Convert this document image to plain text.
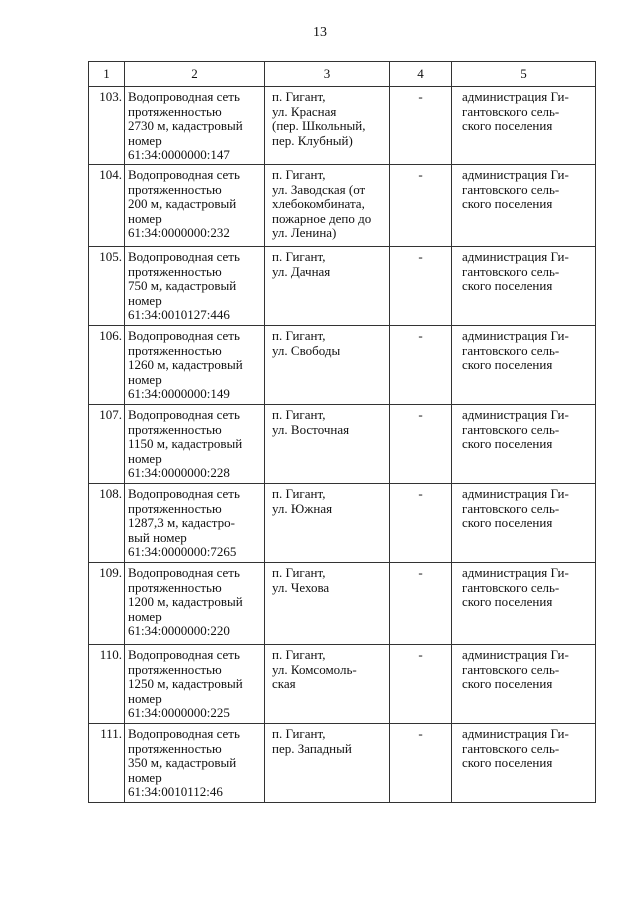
13
1	2	3	4	5
103.	Водопроводная сеть
протяженностью
2730 м, кадастровый
номер
61:34:0000000:147	п. Гигант,
ул. Красная
(пер. Школьный,
пер. Клубный)	-	администрация Ги-
гантовского сель-
ского поселения
104.	Водопроводная сеть
протяженностью
200 м, кадастровый
номер
61:34:0000000:232	п. Гигант,
ул. Заводская (от
хлебокомбината,
пожарное депо до
ул. Ленина)	-	администрация Ги-
гантовского сель-
ского поселения
105.	Водопроводная сеть
протяженностью
750 м, кадастровый
номер
61:34:0010127:446	п. Гигант,
ул. Дачная	-	администрация Ги-
гантовского сель-
ского поселения
106.	Водопроводная сеть
протяженностью
1260 м, кадастровый
номер
61:34:0000000:149	п. Гигант,
ул. Свободы	-	администрация Ги-
гантовского сель-
ского поселения
107.	Водопроводная сеть
протяженностью
1150 м, кадастровый
номер
61:34:0000000:228	п. Гигант,
ул. Восточная	-	администрация Ги-
гантовского сель-
ского поселения
108.	Водопроводная сеть
протяженностью
1287,3 м, кадастро-
вый номер
61:34:0000000:7265	п. Гигант,
ул. Южная	-	администрация Ги-
гантовского сель-
ского поселения
109.	Водопроводная сеть
протяженностью
1200 м, кадастровый
номер
61:34:0000000:220	п. Гигант,
ул. Чехова	-	администрация Ги-
гантовского сель-
ского поселения
110.	Водопроводная сеть
протяженностью
1250 м, кадастровый
номер
61:34:0000000:225	п. Гигант,
ул. Комсомоль-
ская	-	администрация Ги-
гантовского сель-
ского поселения
111.	Водопроводная сеть
протяженностью
350 м, кадастровый
номер
61:34:0010112:46	п. Гигант,
пер. Западный	-	администрация Ги-
гантовского сель-
ского поселения
